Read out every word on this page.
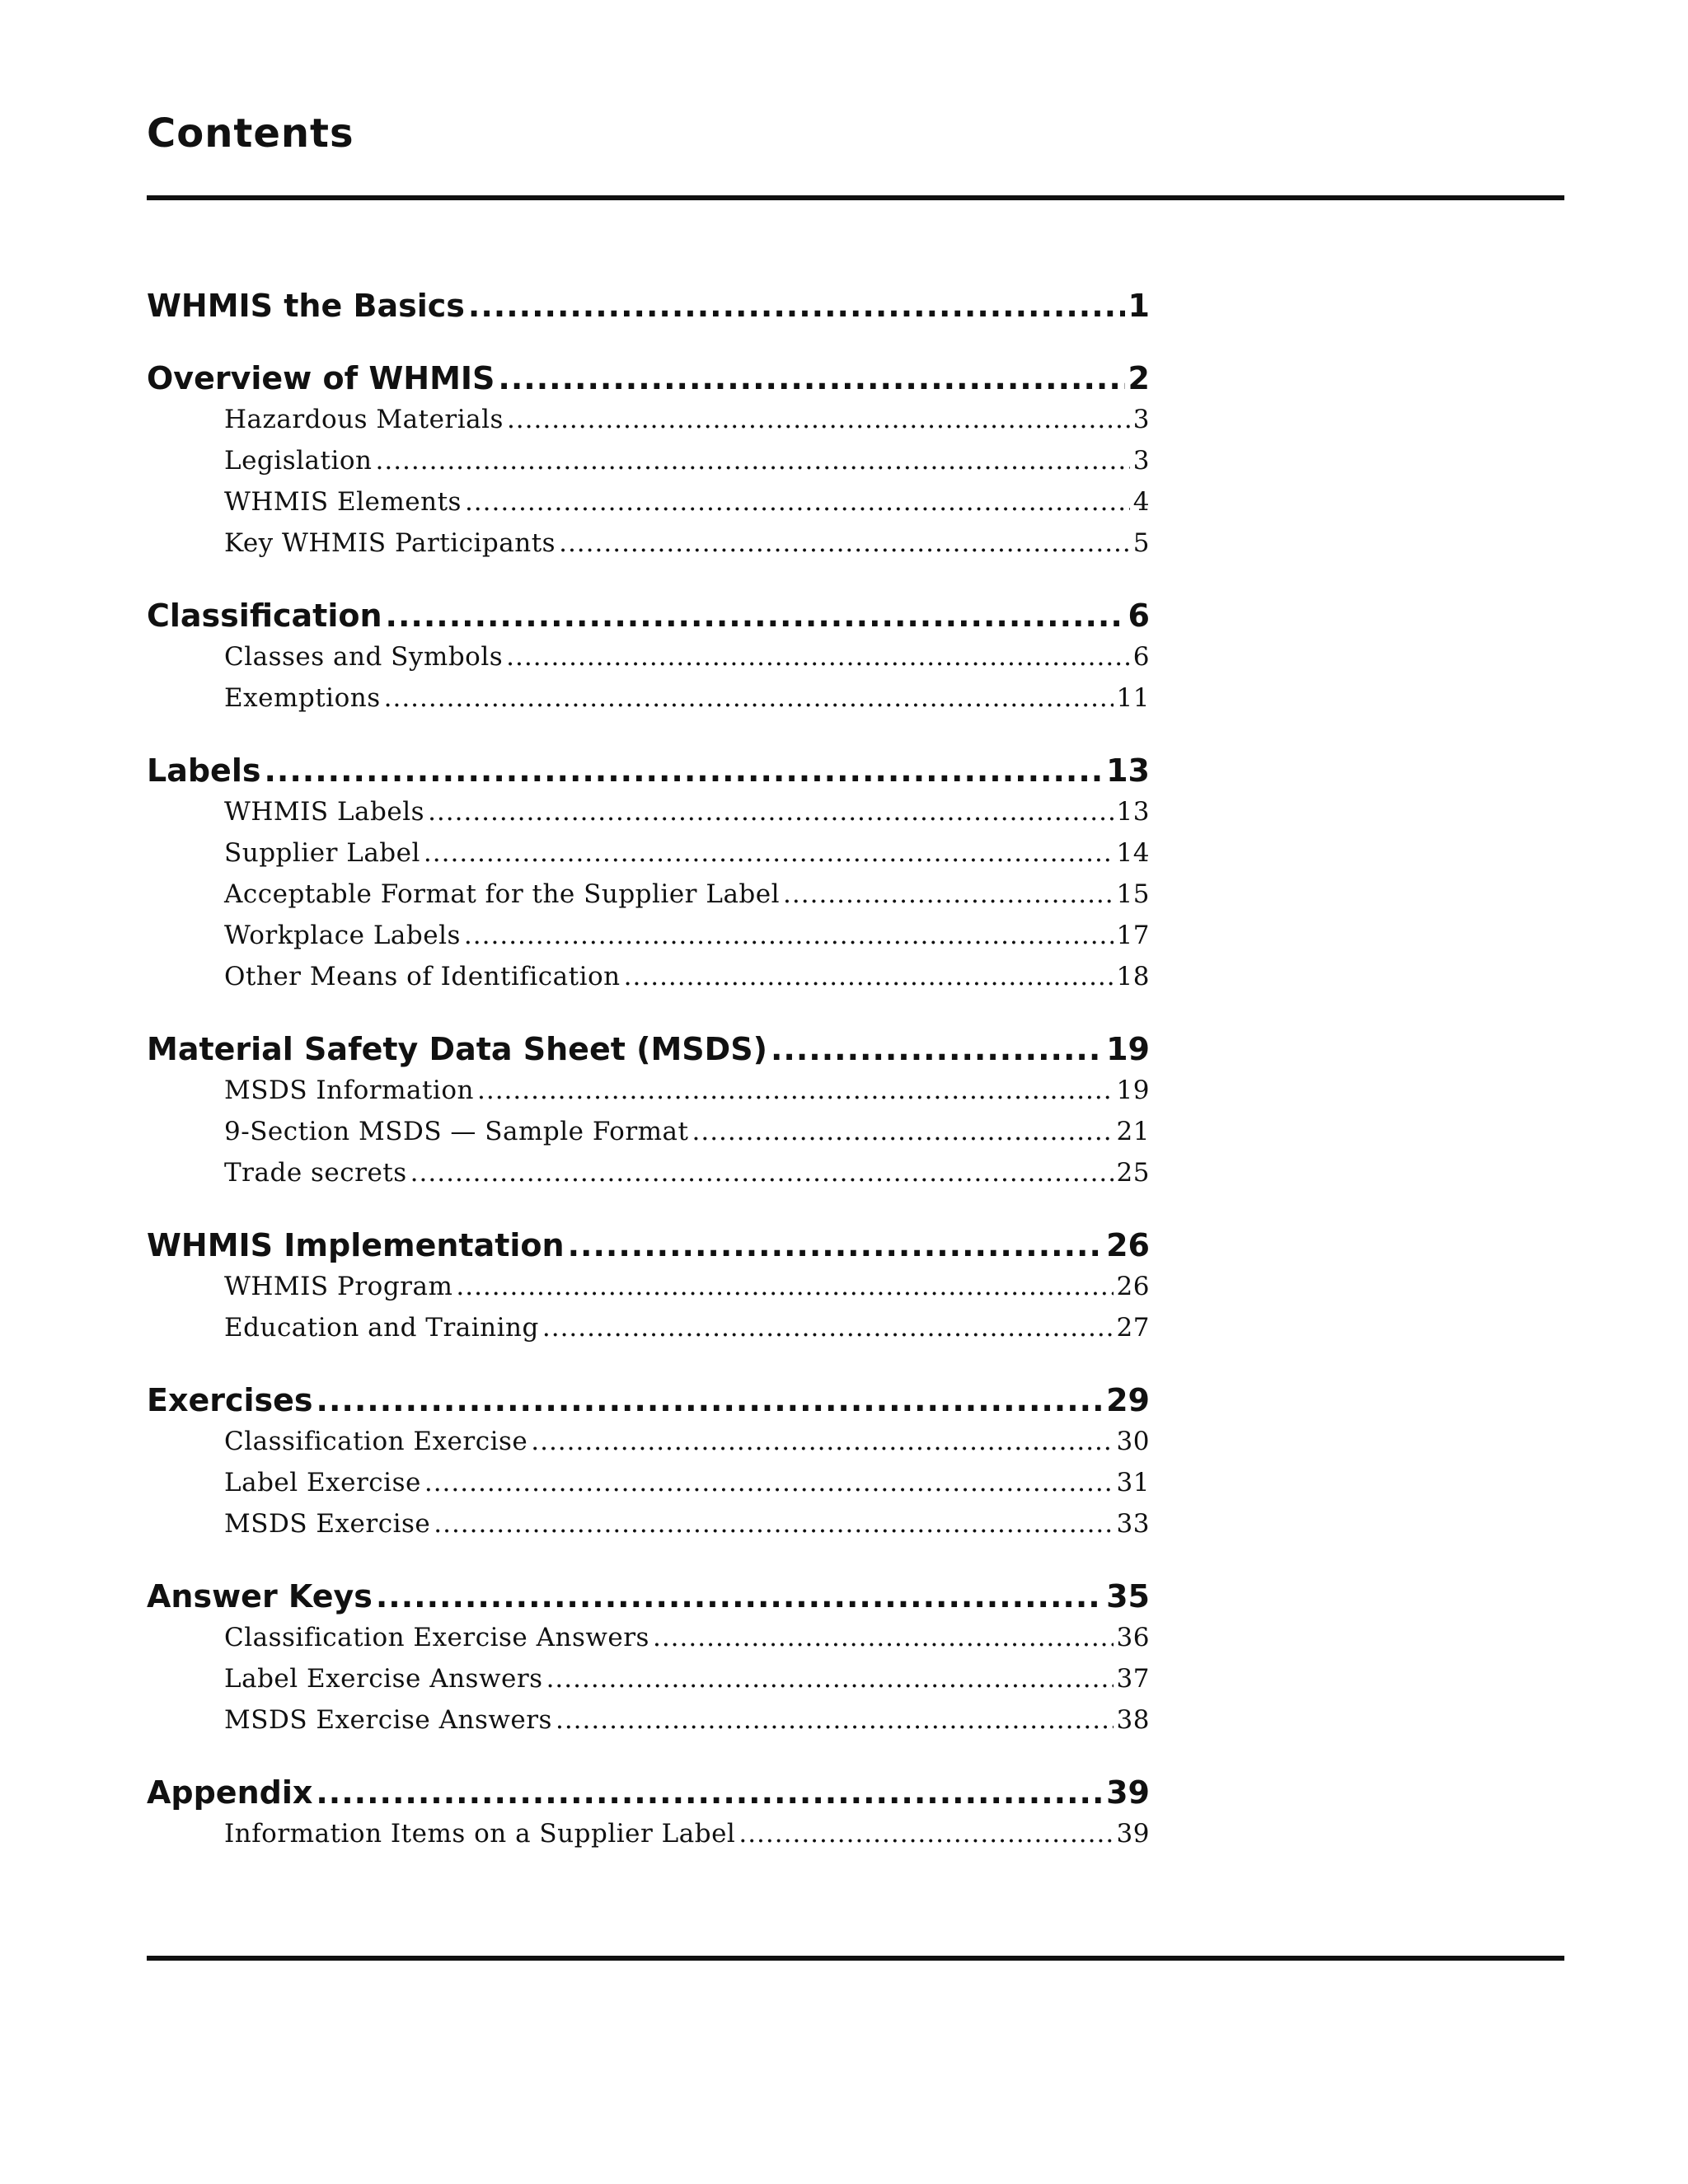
Contents
WHMIS the Basics .....	1
Overview of WHMIS .....	2
Hazardous Materials .....	3
Legislation .....	3
WHMIS Elements .....	4
Key WHMIS Participants .....	5
Classification .....	6
Classes and Symbols .....	6
Exemptions .....	11
Labels .....	13
WHMIS Labels .....	13
Supplier Label .....	14
Acceptable Format for the Supplier Label .....	15
Workplace Labels .....	17
Other Means of Identification .....	18
Material Safety Data Sheet (MSDS) .....	19
MSDS Information .....	19
9-Section MSDS — Sample Format .....	21
Trade secrets .....	25
WHMIS Implementation .....	26
WHMIS Program .....	26
Education and Training .....	27
Exercises .....	29
Classification Exercise .....	30
Label Exercise .....	31
MSDS Exercise .....	33
Answer Keys .....	35
Classification Exercise Answers .....	36
Label Exercise Answers .....	37
MSDS Exercise Answers .....	38
Appendix .....	39
Information Items on a Supplier Label .....	39
